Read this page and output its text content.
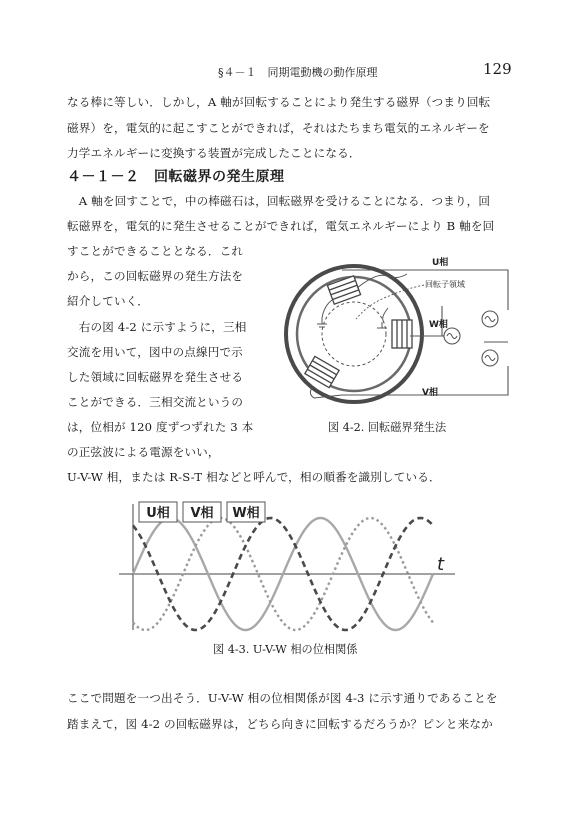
§４－１　同期電動機の動作原理	129
なる棒に等しい．しかし，A 軸が回転することにより発生する磁界（つまり回転
磁界）を，電気的に起こすことができれば，それはたちまち電気的エネルギーを
力学エネルギーに変換する装置が完成したことになる．
４－１－２　回転磁界の発生原理
　A 軸を回すことで，中の棒磁石は，回転磁界を受けることになる．つまり，回
転磁界を，電気的に発生させることができれば，電気エネルギーにより B 軸を回
すことができることとなる．これ
から，この回転磁界の発生方法を
紹介していく．
　右の図 4-2 に示すように，三相
交流を用いて，図中の点線円で示
した領域に回転磁界を発生させる
ことができる．三相交流というの
は，位相が 120 度ずつずれた 3 本
の正弦波による電源をいい，
U-V-W 相，または R-S-T 相などと呼んで，相の順番を識別している．
U相
回転子領域
W相
V相
図 4-2. 回転磁界発生法
t
U相 V相 W相
図 4-3. U-V-W 相の位相関係
ここで問題を一つ出そう．U-V-W 相の位相関係が図 4-3 に示す通りであることを
踏まえて，図 4-2 の回転磁界は，どちら向きに回転するだろうか？ピンと来なか
